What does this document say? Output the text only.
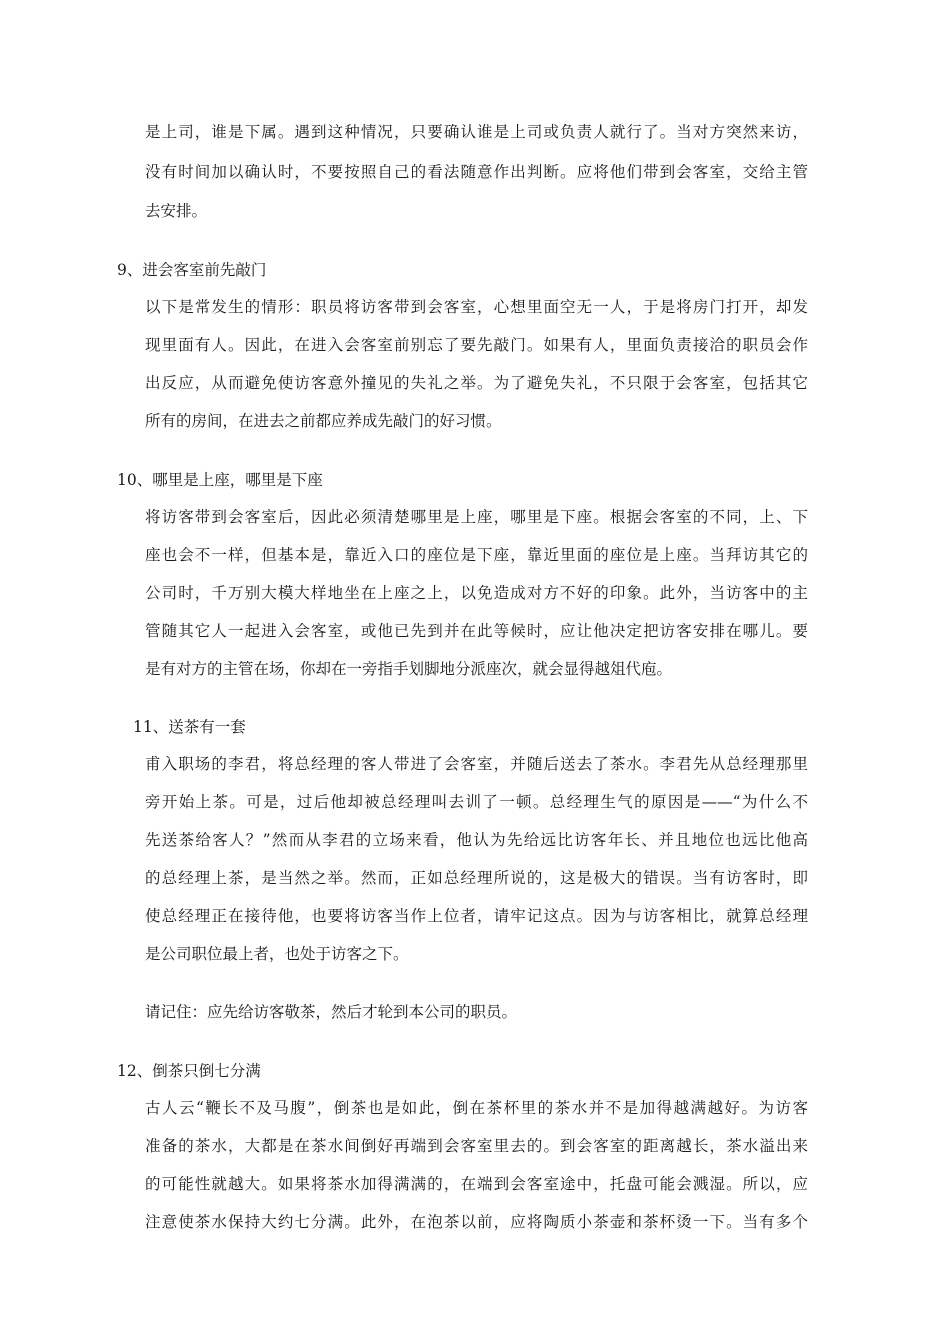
是上司，谁是下属。遇到这种情况，只要确认谁是上司或负责人就行了。当对方突然来访，
没有时间加以确认时，不要按照自己的看法随意作出判断。应将他们带到会客室，交给主管
去安排。
9、进会客室前先敲门
以下是常发生的情形：职员将访客带到会客室，心想里面空无一人，于是将房门打开，却发
现里面有人。因此，在进入会客室前别忘了要先敲门。如果有人，里面负责接洽的职员会作
出反应，从而避免使访客意外撞见的失礼之举。为了避免失礼，不只限于会客室，包括其它
所有的房间，在进去之前都应养成先敲门的好习惯。
10、哪里是上座，哪里是下座
将访客带到会客室后，因此必须清楚哪里是上座，哪里是下座。根据会客室的不同，上、下
座也会不一样，但基本是，靠近入口的座位是下座，靠近里面的座位是上座。当拜访其它的
公司时，千万别大模大样地坐在上座之上，以免造成对方不好的印象。此外，当访客中的主
管随其它人一起进入会客室，或他已先到并在此等候时，应让他决定把访客安排在哪儿。要
是有对方的主管在场，你却在一旁指手划脚地分派座次，就会显得越俎代庖。
11、送茶有一套
甫入职场的李君，将总经理的客人带进了会客室，并随后送去了茶水。李君先从总经理那里
旁开始上茶。可是，过后他却被总经理叫去训了一顿。总经理生气的原因是——“为什么不
先送茶给客人？”然而从李君的立场来看，他认为先给远比访客年长、并且地位也远比他高
的总经理上茶，是当然之举。然而，正如总经理所说的，这是极大的错误。当有访客时，即
使总经理正在接待他，也要将访客当作上位者，请牢记这点。因为与访客相比，就算总经理
是公司职位最上者，也处于访客之下。
请记住：应先给访客敬茶，然后才轮到本公司的职员。
12、倒茶只倒七分满
古人云“鞭长不及马腹”，倒茶也是如此，倒在茶杯里的茶水并不是加得越满越好。为访客
准备的茶水，大都是在茶水间倒好再端到会客室里去的。到会客室的距离越长，茶水溢出来
的可能性就越大。如果将茶水加得满满的，在端到会客室途中，托盘可能会溅湿。所以，应
注意使茶水保持大约七分满。此外，在泡茶以前，应将陶质小茶壶和茶杯烫一下。当有多个
